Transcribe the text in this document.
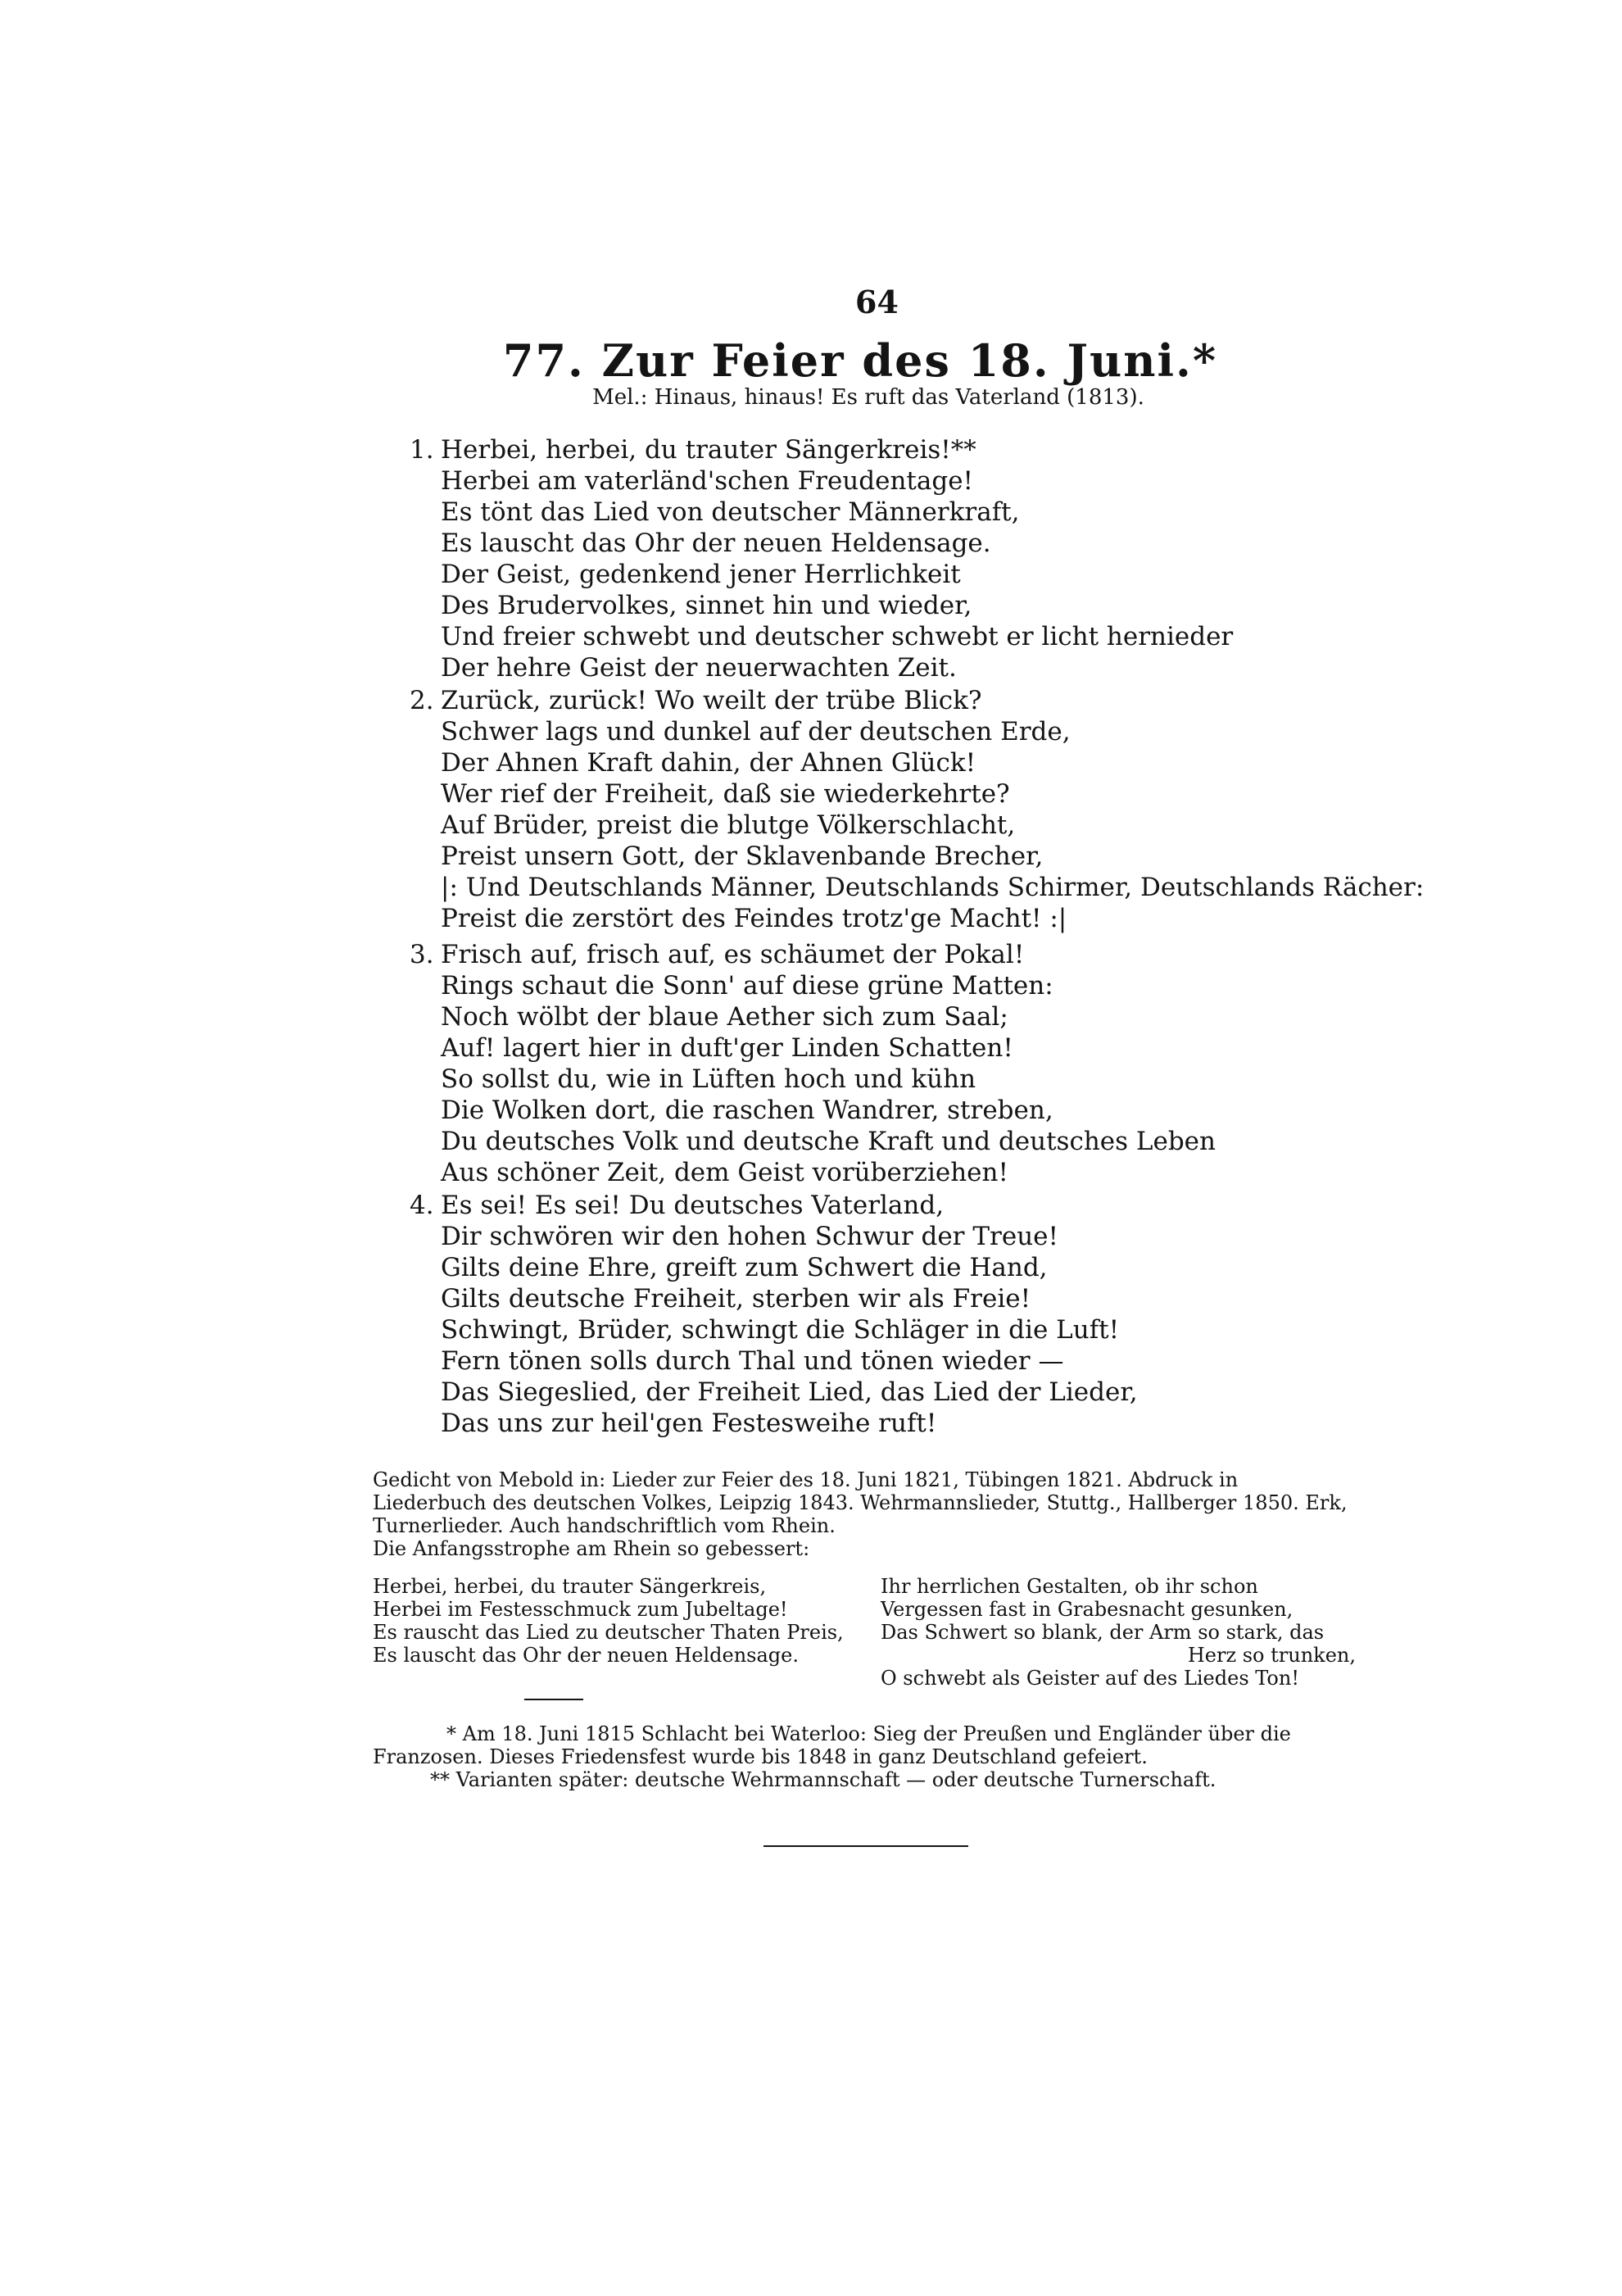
64
77. Zur Feier des 18. Juni.*
Mel.: Hinaus, hinaus! Es ruft das Vaterland (1813).
1. Herbei, herbei, du trauter Sängerkreis!**
Herbei am vaterländ'schen Freudentage!
Es tönt das Lied von deutscher Männerkraft,
Es lauscht das Ohr der neuen Heldensage.
Der Geist, gedenkend jener Herrlichkeit
Des Brudervolkes, sinnet hin und wieder,
Und freier schwebt und deutscher schwebt er licht hernieder
Der hehre Geist der neuerwachten Zeit.
2. Zurück, zurück! Wo weilt der trübe Blick?
Schwer lags und dunkel auf der deutschen Erde,
Der Ahnen Kraft dahin, der Ahnen Glück!
Wer rief der Freiheit, daß sie wiederkehrte?
Auf Brüder, preist die blutge Völkerschlacht,
Preist unsern Gott, der Sklavenbande Brecher,
|: Und Deutschlands Männer, Deutschlands Schirmer, Deutschlands Rächer:
Preist die zerstört des Feindes trotz'ge Macht! :|
3. Frisch auf, frisch auf, es schäumet der Pokal!
Rings schaut die Sonn' auf diese grüne Matten:
Noch wölbt der blaue Aether sich zum Saal;
Auf! lagert hier in duft'ger Linden Schatten!
So sollst du, wie in Lüften hoch und kühn
Die Wolken dort, die raschen Wandrer, streben,
Du deutsches Volk und deutsche Kraft und deutsches Leben
Aus schöner Zeit, dem Geist vorüberziehen!
4. Es sei! Es sei! Du deutsches Vaterland,
Dir schwören wir den hohen Schwur der Treue!
Gilts deine Ehre, greift zum Schwert die Hand,
Gilts deutsche Freiheit, sterben wir als Freie!
Schwingt, Brüder, schwingt die Schläger in die Luft!
Fern tönen solls durch Thal und tönen wieder —
Das Siegeslied, der Freiheit Lied, das Lied der Lieder,
Das uns zur heil'gen Festesweihe ruft!
Gedicht von Mebold in: Lieder zur Feier des 18. Juni 1821, Tübingen 1821. Abdruck in
Liederbuch des deutschen Volkes, Leipzig 1843. Wehrmannslieder, Stuttg., Hallberger 1850. Erk,
Turnerlieder. Auch handschriftlich vom Rhein.
Die Anfangsstrophe am Rhein so gebessert:
Herbei, herbei, du trauter Sängerkreis,
Herbei im Festesschmuck zum Jubeltage!
Es rauscht das Lied zu deutscher Thaten Preis,
Es lauscht das Ohr der neuen Heldensage.
Ihr herrlichen Gestalten, ob ihr schon
Vergessen fast in Grabesnacht gesunken,
Das Schwert so blank, der Arm so stark, das
Herz so trunken,
O schwebt als Geister auf des Liedes Ton!
* Am 18. Juni 1815 Schlacht bei Waterloo: Sieg der Preußen und Engländer über die
Franzosen. Dieses Friedensfest wurde bis 1848 in ganz Deutschland gefeiert.
** Varianten später: deutsche Wehrmannschaft — oder deutsche Turnerschaft.
